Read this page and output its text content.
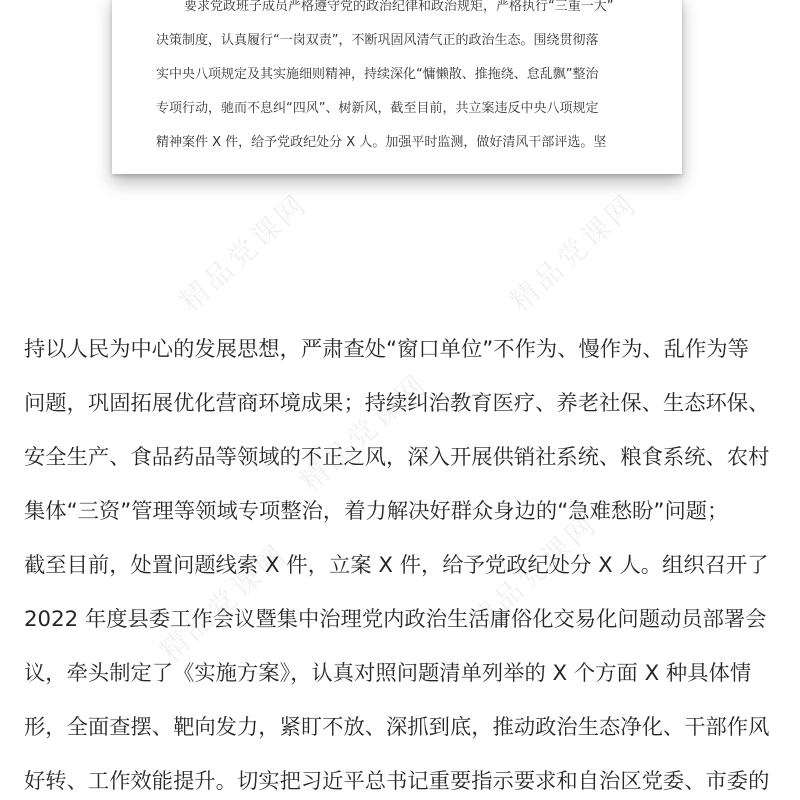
要求党政班子成员严格遵守党的政治纪律和政治规矩，严格执行“三重一大”
决策制度，认真履行“一岗双责”，不断巩固风清气正的政治生态。围绕贯彻落
实中央八项规定及其实施细则精神，持续深化“慵懒散、推拖绕、怠乱飘”整治
专项行动，驰而不息纠“四风”、树新风，截至目前，共立案违反中央八项规定
精神案件 X 件，给予党政纪处分 X 人。加强平时监测，做好清风干部评选。坚
精品党课网	精品党课网
精品党课网
精品党课网
精品党课网
持以人民为中心的发展思想，严肃查处“窗口单位”不作为、慢作为、乱作为等
问题，巩固拓展优化营商环境成果；持续纠治教育医疗、养老社保、生态环保、
安全生产、食品药品等领域的不正之风，深入开展供销社系统、粮食系统、农村
集体“三资”管理等领域专项整治，着力解决好群众身边的“急难愁盼”问题；
截至目前，处置问题线索 X 件，立案 X 件，给予党政纪处分 X 人。组织召开了
2022 年度县委工作会议暨集中治理党内政治生活庸俗化交易化问题动员部署会
议，牵头制定了《实施方案》，认真对照问题清单列举的 X 个方面 X 种具体情
形，全面查摆、靶向发力，紧盯不放、深抓到底，推动政治生态净化、干部作风
好转、工作效能提升。切实把习近平总书记重要指示要求和自治区党委、市委的
